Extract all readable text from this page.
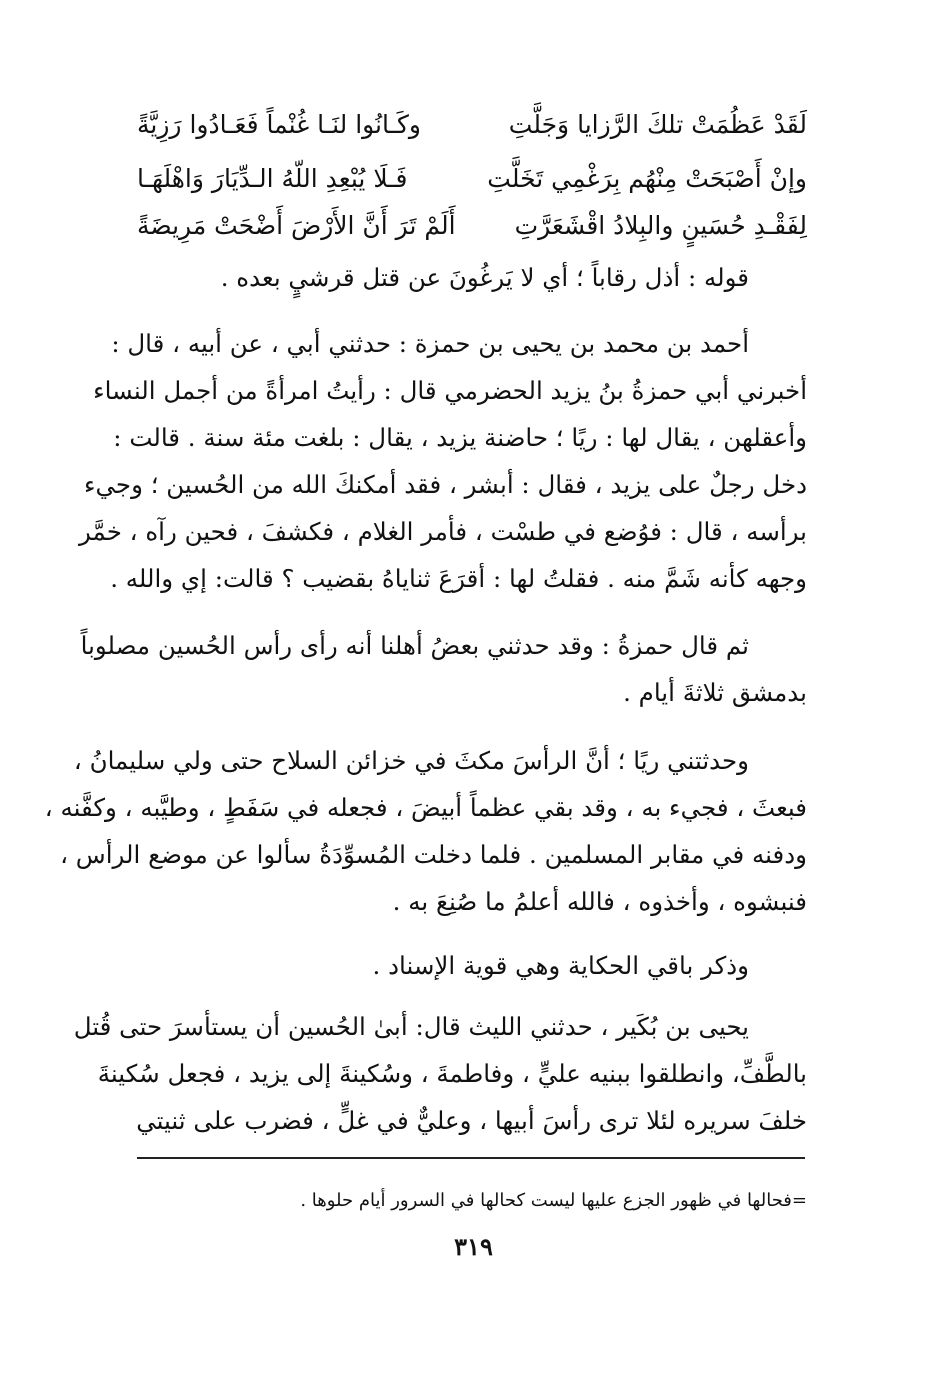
وكَـانُوا لنَـا غُنْماً فَعَـادُوا رَزِيَّةً	لَقَدْ عَظُمَتْ تلكَ الرَّزايا وَجَلَّتِ
فَـلَا يُبْعِدِ اللّهُ الـدِّيَارَ وَاهْلَهَـا	وإنْ أَصْبَحَتْ مِنْهُم بِرَغْمِي تَخَلَّتِ
أَلَمْ تَرَ أَنَّ الأَرْضَ أَضْحَتْ مَرِيضَةً لِفَقْـدِ حُسَينٍ والبِلادُ اقْشَعَرَّتِ
قوله : أذل رقاباً ؛ أي لا يَرغُونَ عن قتل قرشيٍ بعده .
أحمد بن محمد بن يحيى بن حمزة : حدثني أبي ، عن أبيه ، قال :
أخبرني أبي حمزةُ بنُ يزيد الحضرمي قال : رأيتُ امرأةً من أجمل النساء
وأعقلهن ، يقال لها : ريًا ؛ حاضنة يزيد ، يقال : بلغت مئة سنة . قالت :
دخل رجلٌ على يزيد ، فقال : أبشر ، فقد أمكنكَ الله من الحُسين ؛ وجيء
برأسه ، قال : فوُضع في طسْت ، فأمر الغلام ، فكشفَ ، فحين رآه ، خمَّر
وجهه كأنه شَمَّ منه . فقلتُ لها : أقرَعَ ثناياهُ بقضيب ؟ قالت: إي والله .
ثم قال حمزةُ : وقد حدثني بعضُ أهلنا أنه رأى رأس الحُسين مصلوباً
بدمشق ثلاثةَ أيام .
وحدثتني ريًا ؛ أنَّ الرأسَ مكثَ في خزائن السلاح حتى ولي سليمانُ ،
فبعثَ ، فجيء به ، وقد بقي عظماً أبيضَ ، فجعله في سَفَطٍ ، وطيَّبه ، وكفَّنه ،
ودفنه في مقابر المسلمين . فلما دخلت المُسوِّدَةُ سألوا عن موضع الرأس ،
فنبشوه ، وأخذوه ، فالله أعلمُ ما صُنِعَ به .
وذكر باقي الحكاية وهي قوية الإسناد .
يحيى بن بُكَير ، حدثني الليث قال: أبىٰ الحُسين أن يستأسرَ حتى قُتل
بالطَّفِّ، وانطلقوا ببنيه عليٍّ ، وفاطمةَ ، وسُكينةَ إلى يزيد ، فجعل سُكينةَ
خلفَ سريره لئلا ترى رأسَ أبيها ، وعليٌّ في غلٍّ ، فضرب على ثنيتي
=فحالها في ظهور الجزع عليها ليست كحالها في السرور أيام حلوها .
٣١٩
